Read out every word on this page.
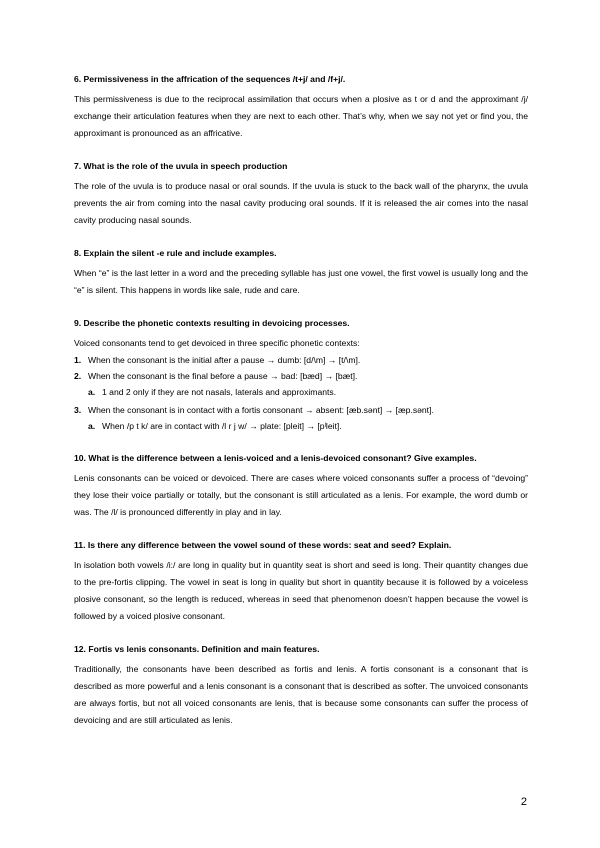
6. Permissiveness in the affrication of the sequences /t+j/ and /f+j/.

This permissiveness is due to the reciprocal assimilation that occurs when a plosive as t or d and the approximant /j/ exchange their articulation features when they are next to each other. That’s why, when we say not yet or find you, the approximant is pronounced as an affricative.

7. What is the role of the uvula in speech production

The role of the uvula is to produce nasal or oral sounds. If the uvula is stuck to the back wall of the pharynx, the uvula prevents the air from coming into the nasal cavity producing oral sounds. If it is released the air comes into the nasal cavity producing nasal sounds.

8. Explain the silent -e rule and include examples.

When “e” is the last letter in a word and the preceding syllable has just one vowel, the first vowel is usually long and the “e” is silent. This happens in words like sale, rude and care.

9. Describe the phonetic contexts resulting in devoicing processes.

Voiced consonants tend to get devoiced in three specific phonetic contexts:

1. When the consonant is the initial after a pause → dumb: [d/\m] → [t/\m].
2. When the consonant is the final before a pause → bad: [bæd] → [bæt].
a. 1 and 2 only if they are not nasals, laterals and approximants.
3. When the consonant is in contact with a fortis consonant → absent: [æb.sənt] → [æp.sənt].
a. When /p t k/ are in contact with /l r j w/ → plate: [pleit] → [pˡleit].
10. What is the difference between a lenis-voiced and a lenis-devoiced consonant? Give examples.

Lenis consonants can be voiced or devoiced. There are cases where voiced consonants suffer a process of “devoing” they lose their voice partially or totally, but the consonant is still articulated as a lenis. For example, the word dumb or was. The /l/ is pronounced differently in play and in lay.

11. Is there any difference between the vowel sound of these words: seat and seed? Explain.

In isolation both vowels /i:/ are long in quality but in quantity seat is short and seed is long. Their quantity changes due to the pre-fortis clipping. The vowel in seat is long in quality but short in quantity because it is followed by a voiceless plosive consonant, so the length is reduced, whereas in seed that phenomenon doesn’t happen because the vowel is followed by a voiced plosive consonant.

12. Fortis vs lenis consonants. Definition and main features.

Traditionally, the consonants have been described as fortis and lenis. A fortis consonant is a consonant that is described as more powerful and a lenis consonant is a consonant that is described as softer. The unvoiced consonants are always fortis, but not all voiced consonants are lenis, that is because some consonants can suffer the process of devoicing and are still articulated as lenis.

2
